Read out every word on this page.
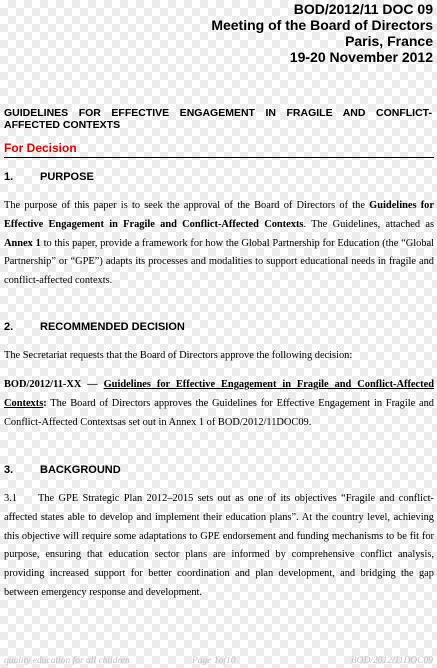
BOD/2012/11 DOC 09
Meeting of the Board of Directors
Paris, France
19-20 November 2012
GUIDELINES FOR EFFECTIVE ENGAGEMENT IN FRAGILE AND CONFLICT-AFFECTED CONTEXTS
For Decision
1. PURPOSE
The purpose of this paper is to seek the approval of the Board of Directors of the Guidelines for Effective Engagement in Fragile and Conflict-Affected Contexts. The Guidelines, attached as Annex 1 to this paper, provide a framework for how the Global Partnership for Education (the “Global Partnership” or “GPE”) adapts its processes and modalities to support educational needs in fragile and conflict-affected contexts.
2. RECOMMENDED DECISION
The Secretariat requests that the Board of Directors approve the following decision:
BOD/2012/11-XX — Guidelines for Effective Engagement in Fragile and Conflict-Affected Contexts: The Board of Directors approves the Guidelines for Effective Engagement in Fragile and Conflict-Affected Contextsas set out in Annex 1 of BOD/2012/11DOC09.
3. BACKGROUND
3.1 The GPE Strategic Plan 2012–2015 sets out as one of its objectives “Fragile and conflict-affected states able to develop and implement their education plans”. At the country level, achieving this objective will require some adaptations to GPE endorsement and funding mechanisms to be fit for purpose, ensuring that education sector plans are informed by comprehensive conflict analysis, providing increased support for better coordination and plan development, and bridging the gap between emergency response and development.
quality education for all children	Page 1of10	BOD/2012/11DOC09
